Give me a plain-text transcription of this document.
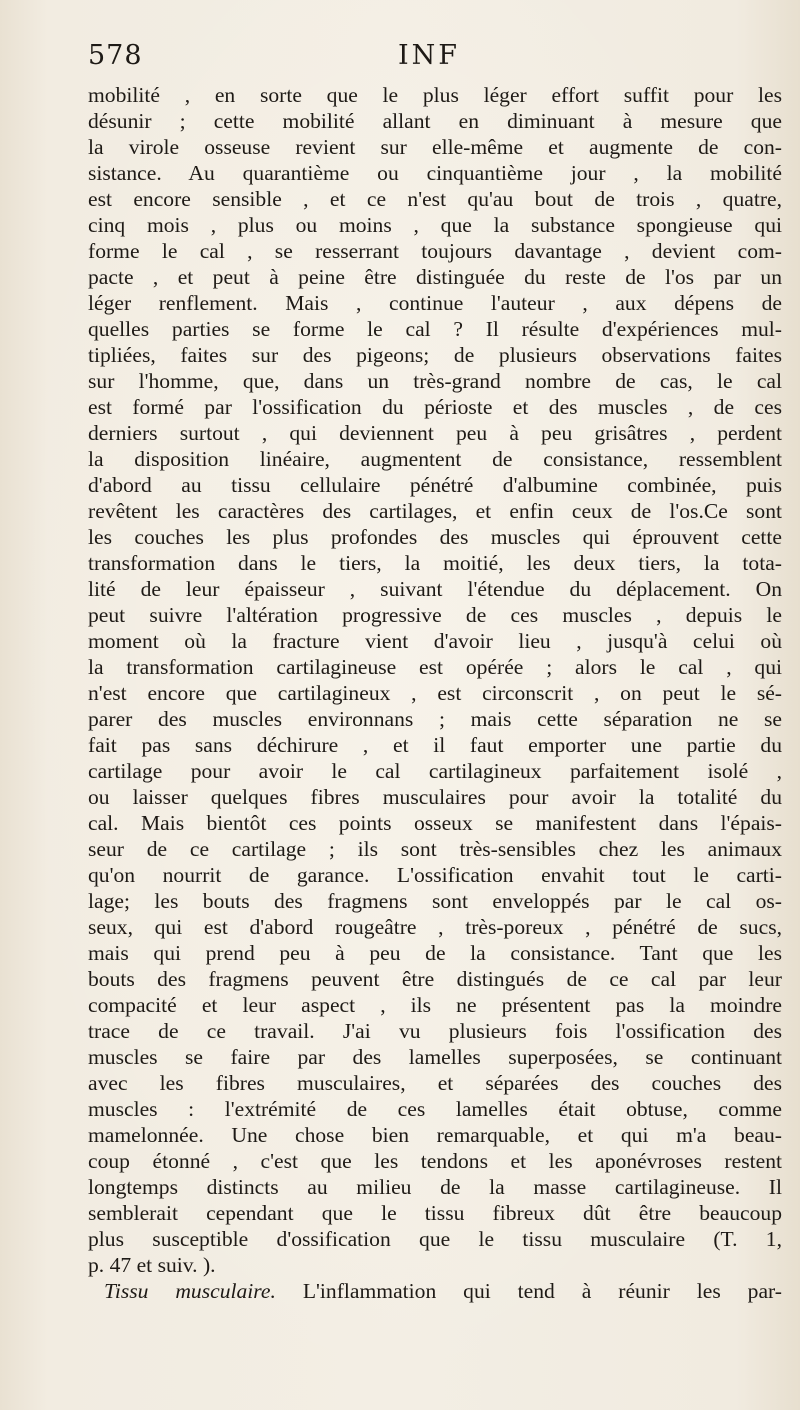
578	INF
mobilité , en sorte que le plus léger effort suffit pour les
désunir ; cette mobilité allant en diminuant à mesure que
la virole osseuse revient sur elle-même et augmente de con-
sistance. Au quarantième ou cinquantième jour , la mobilité
est encore sensible , et ce n'est qu'au bout de trois , quatre,
cinq mois , plus ou moins , que la substance spongieuse qui
forme le cal , se resserrant toujours davantage , devient com-
pacte , et peut à peine être distinguée du reste de l'os par un
léger renflement. Mais , continue l'auteur , aux dépens de
quelles parties se forme le cal ? Il résulte d'expériences mul-
tipliées, faites sur des pigeons; de plusieurs observations faites
sur l'homme, que, dans un très-grand nombre de cas, le cal
est formé par l'ossification du périoste et des muscles , de ces
derniers surtout , qui deviennent peu à peu grisâtres , perdent
la disposition linéaire, augmentent de consistance, ressemblent
d'abord au tissu cellulaire pénétré d'albumine combinée, puis
revêtent les caractères des cartilages, et enfin ceux de l'os.Ce sont
les couches les plus profondes des muscles qui éprouvent cette
transformation dans le tiers, la moitié, les deux tiers, la tota-
lité de leur épaisseur , suivant l'étendue du déplacement. On
peut suivre l'altération progressive de ces muscles , depuis le
moment où la fracture vient d'avoir lieu , jusqu'à celui où
la transformation cartilagineuse est opérée ; alors le cal , qui
n'est encore que cartilagineux , est circonscrit , on peut le sé-
parer des muscles environnans ; mais cette séparation ne se
fait pas sans déchirure , et il faut emporter une partie du
cartilage pour avoir le cal cartilagineux parfaitement isolé ,
ou laisser quelques fibres musculaires pour avoir la totalité du
cal. Mais bientôt ces points osseux se manifestent dans l'épais-
seur de ce cartilage ; ils sont très-sensibles chez les animaux
qu'on nourrit de garance. L'ossification envahit tout le carti-
lage; les bouts des fragmens sont enveloppés par le cal os-
seux, qui est d'abord rougeâtre , très-poreux , pénétré de sucs,
mais qui prend peu à peu de la consistance. Tant que les
bouts des fragmens peuvent être distingués de ce cal par leur
compacité et leur aspect , ils ne présentent pas la moindre
trace de ce travail. J'ai vu plusieurs fois l'ossification des
muscles se faire par des lamelles superposées, se continuant
avec les fibres musculaires, et séparées des couches des
muscles : l'extrémité de ces lamelles était obtuse, comme
mamelonnée. Une chose bien remarquable, et qui m'a beau-
coup étonné , c'est que les tendons et les aponévroses restent
longtemps distincts au milieu de la masse cartilagineuse. Il
semblerait cependant que le tissu fibreux dût être beaucoup
plus susceptible d'ossification que le tissu musculaire (T. 1,
p. 47 et suiv. ).
Tissu musculaire. L'inflammation qui tend à réunir les par-
